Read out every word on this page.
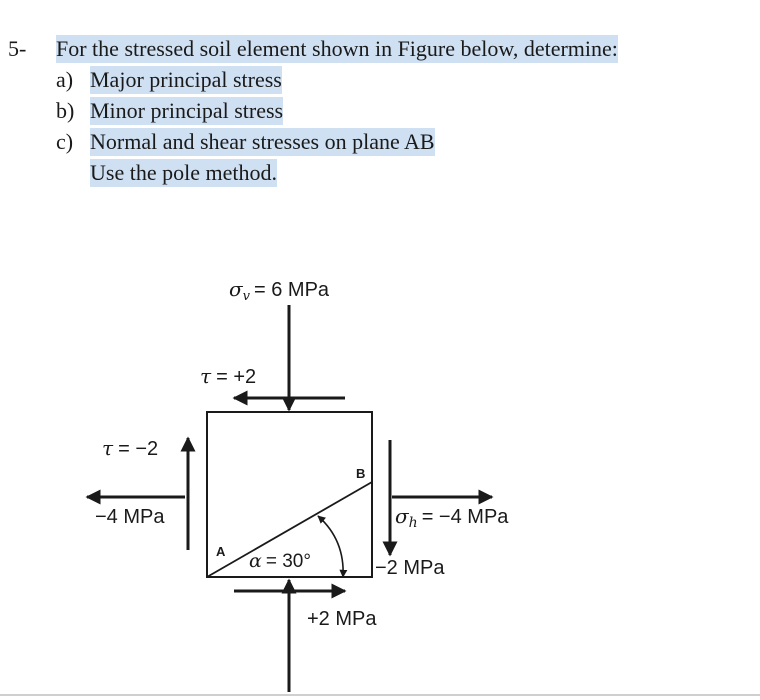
5- For the stressed soil element shown in Figure below, determine:
a) Major principal stress
b) Minor principal stress
c) Normal and shear stresses on plane AB
Use the pole method.
$\sigma_v = 6$ MPa
τ = +2
τ = −2
−4 MPa	$\sigma_h = -4$ MPa
−2 MPa
+2 MPa
A
B
α = 30°
